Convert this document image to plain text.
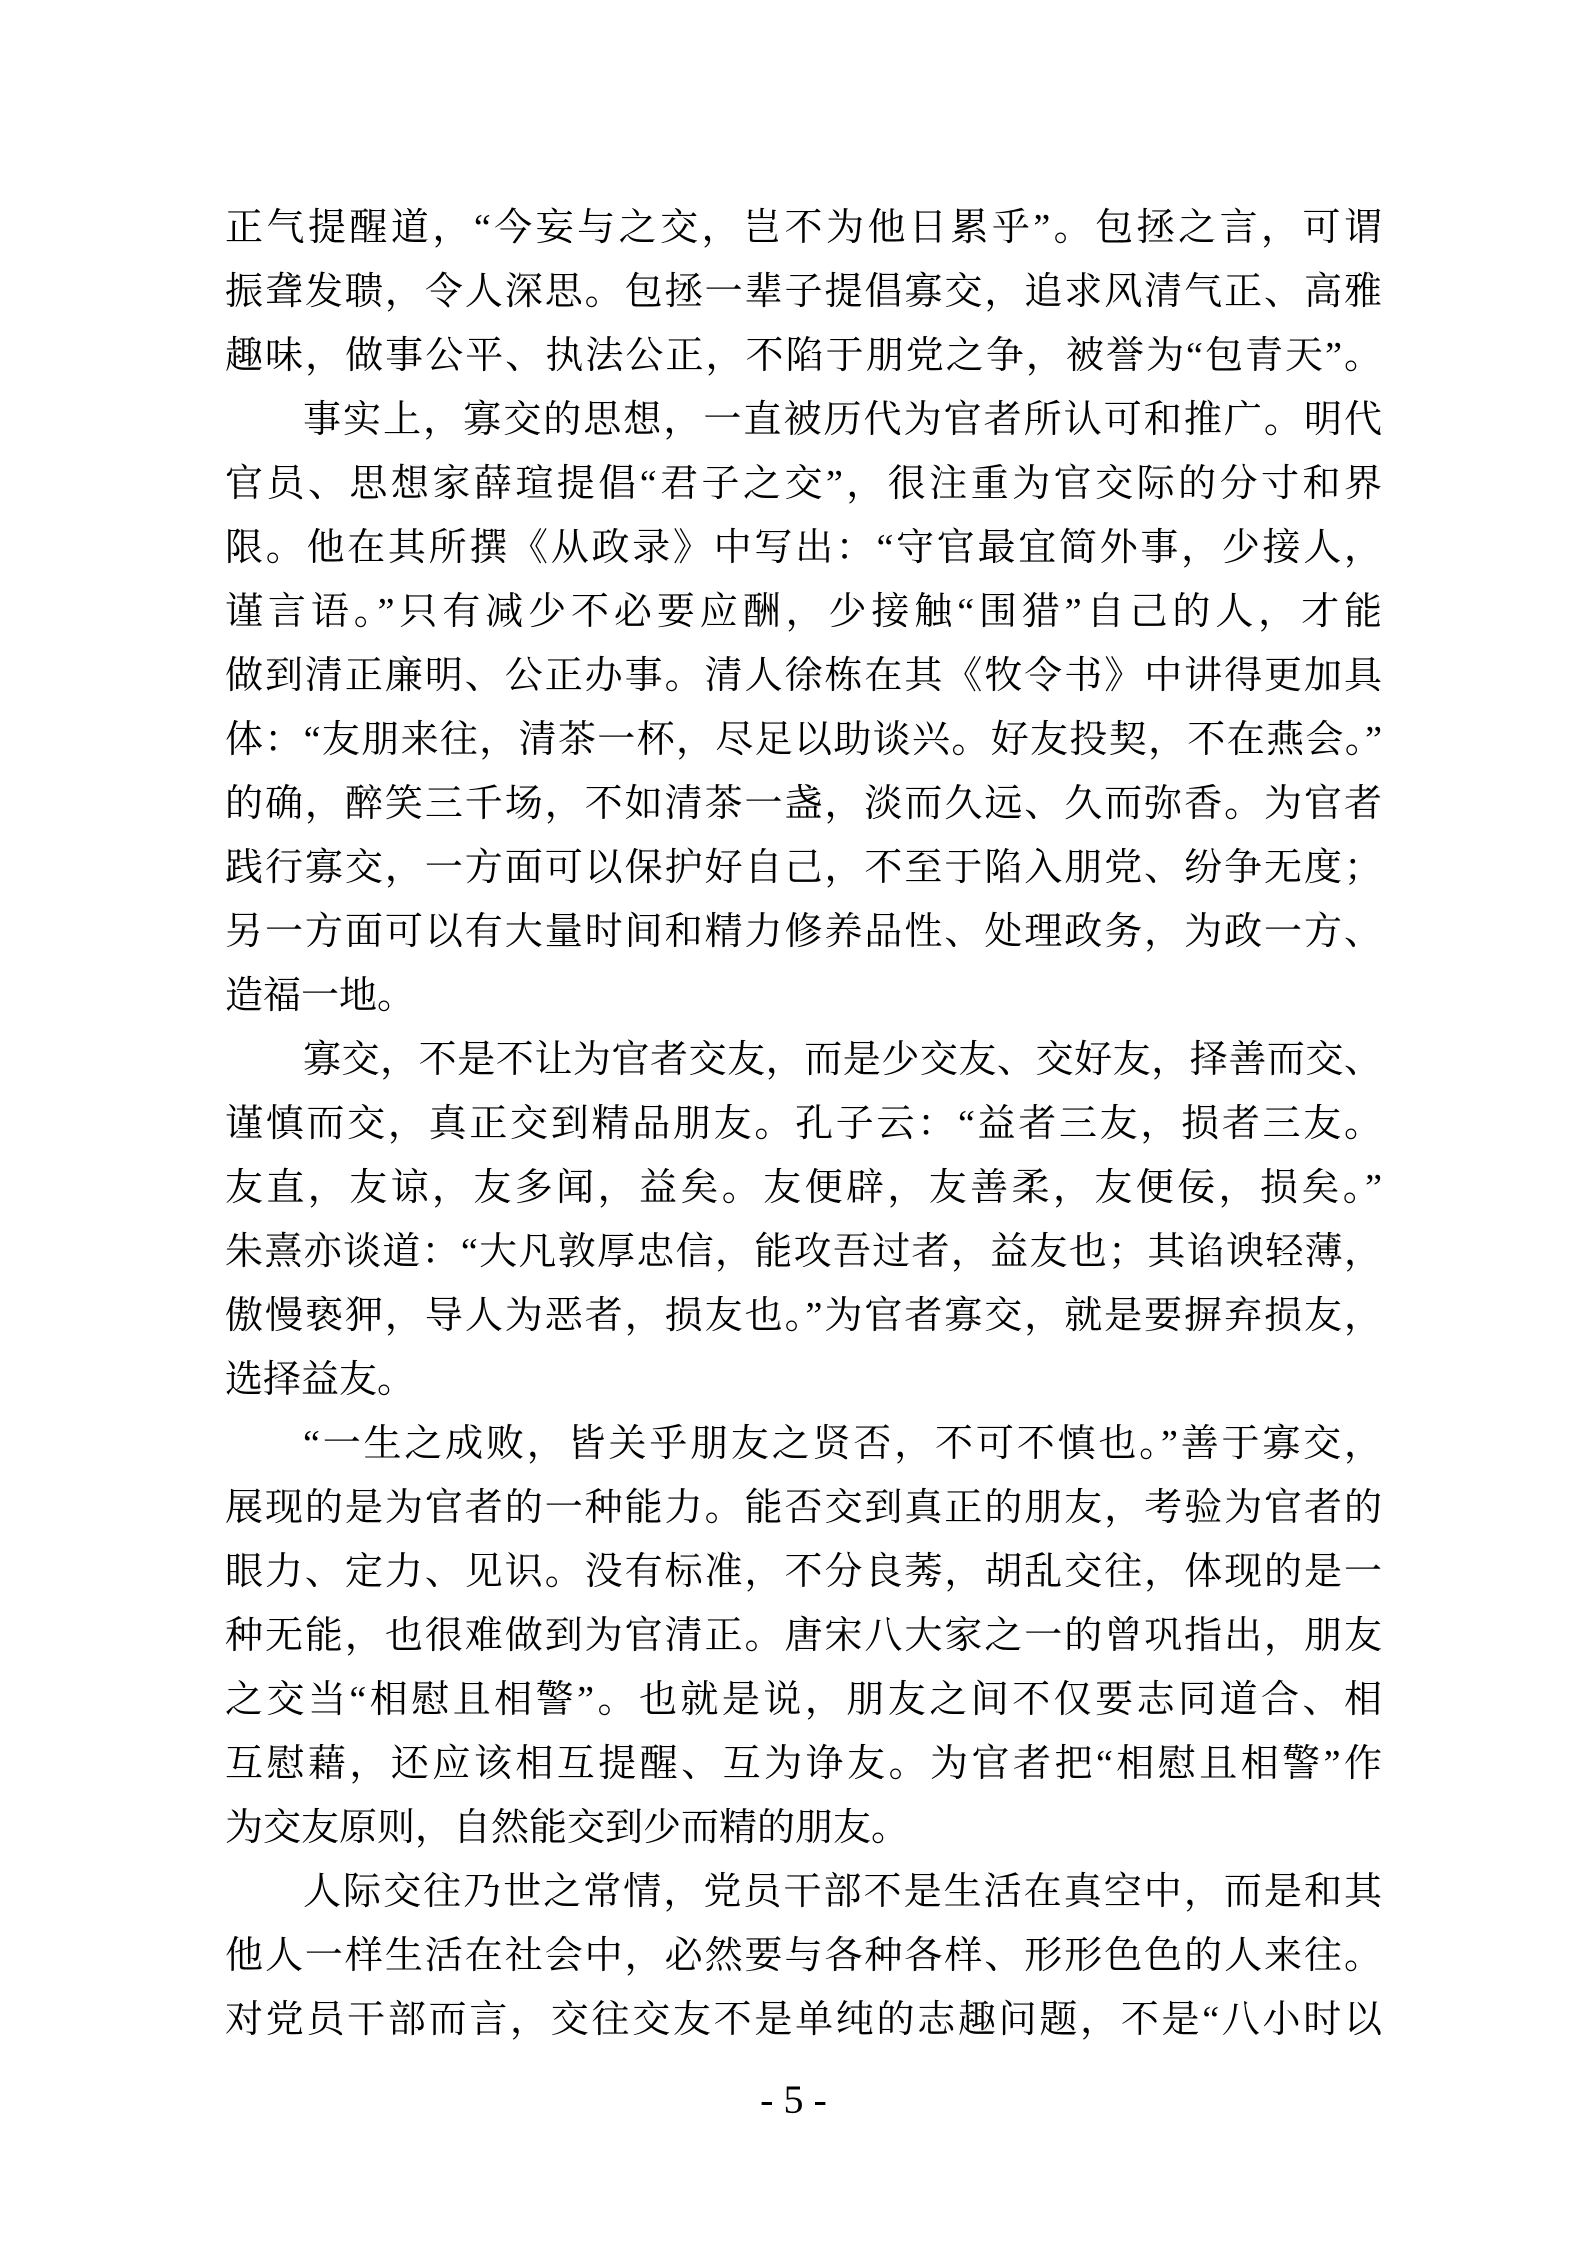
正气提醒道，“今妄与之交，岂不为他日累乎”。包拯之言，可谓
振聋发聩，令人深思。包拯一辈子提倡寡交，追求风清气正、高雅
趣味，做事公平、执法公正，不陷于朋党之争，被誉为“包青天”。
事实上，寡交的思想，一直被历代为官者所认可和推广。明代
官员、思想家薛瑄提倡“君子之交”，很注重为官交际的分寸和界
限。他在其所撰《从政录》中写出：“守官最宜简外事，少接人，
谨言语。”只有减少不必要应酬，少接触“围猎”自己的人，才能
做到清正廉明、公正办事。清人徐栋在其《牧令书》中讲得更加具
体：“友朋来往，清茶一杯，尽足以助谈兴。好友投契，不在燕会。”
的确，醉笑三千场，不如清茶一盏，淡而久远、久而弥香。为官者
践行寡交，一方面可以保护好自己，不至于陷入朋党、纷争无度；
另一方面可以有大量时间和精力修养品性、处理政务，为政一方、
造福一地。
寡交，不是不让为官者交友，而是少交友、交好友，择善而交、
谨慎而交，真正交到精品朋友。孔子云：“益者三友，损者三友。
友直，友谅，友多闻，益矣。友便辟，友善柔，友便佞，损矣。”
朱熹亦谈道：“大凡敦厚忠信，能攻吾过者，益友也；其谄谀轻薄，
傲慢亵狎，导人为恶者，损友也。”为官者寡交，就是要摒弃损友，
选择益友。
“一生之成败，皆关乎朋友之贤否，不可不慎也。”善于寡交，
展现的是为官者的一种能力。能否交到真正的朋友，考验为官者的
眼力、定力、见识。没有标准，不分良莠，胡乱交往，体现的是一
种无能，也很难做到为官清正。唐宋八大家之一的曾巩指出，朋友
之交当“相慰且相警”。也就是说，朋友之间不仅要志同道合、相
互慰藉，还应该相互提醒、互为诤友。为官者把“相慰且相警”作
为交友原则，自然能交到少而精的朋友。
人际交往乃世之常情，党员干部不是生活在真空中，而是和其
他人一样生活在社会中，必然要与各种各样、形形色色的人来往。
对党员干部而言，交往交友不是单纯的志趣问题，不是“八小时以
- 5 -
